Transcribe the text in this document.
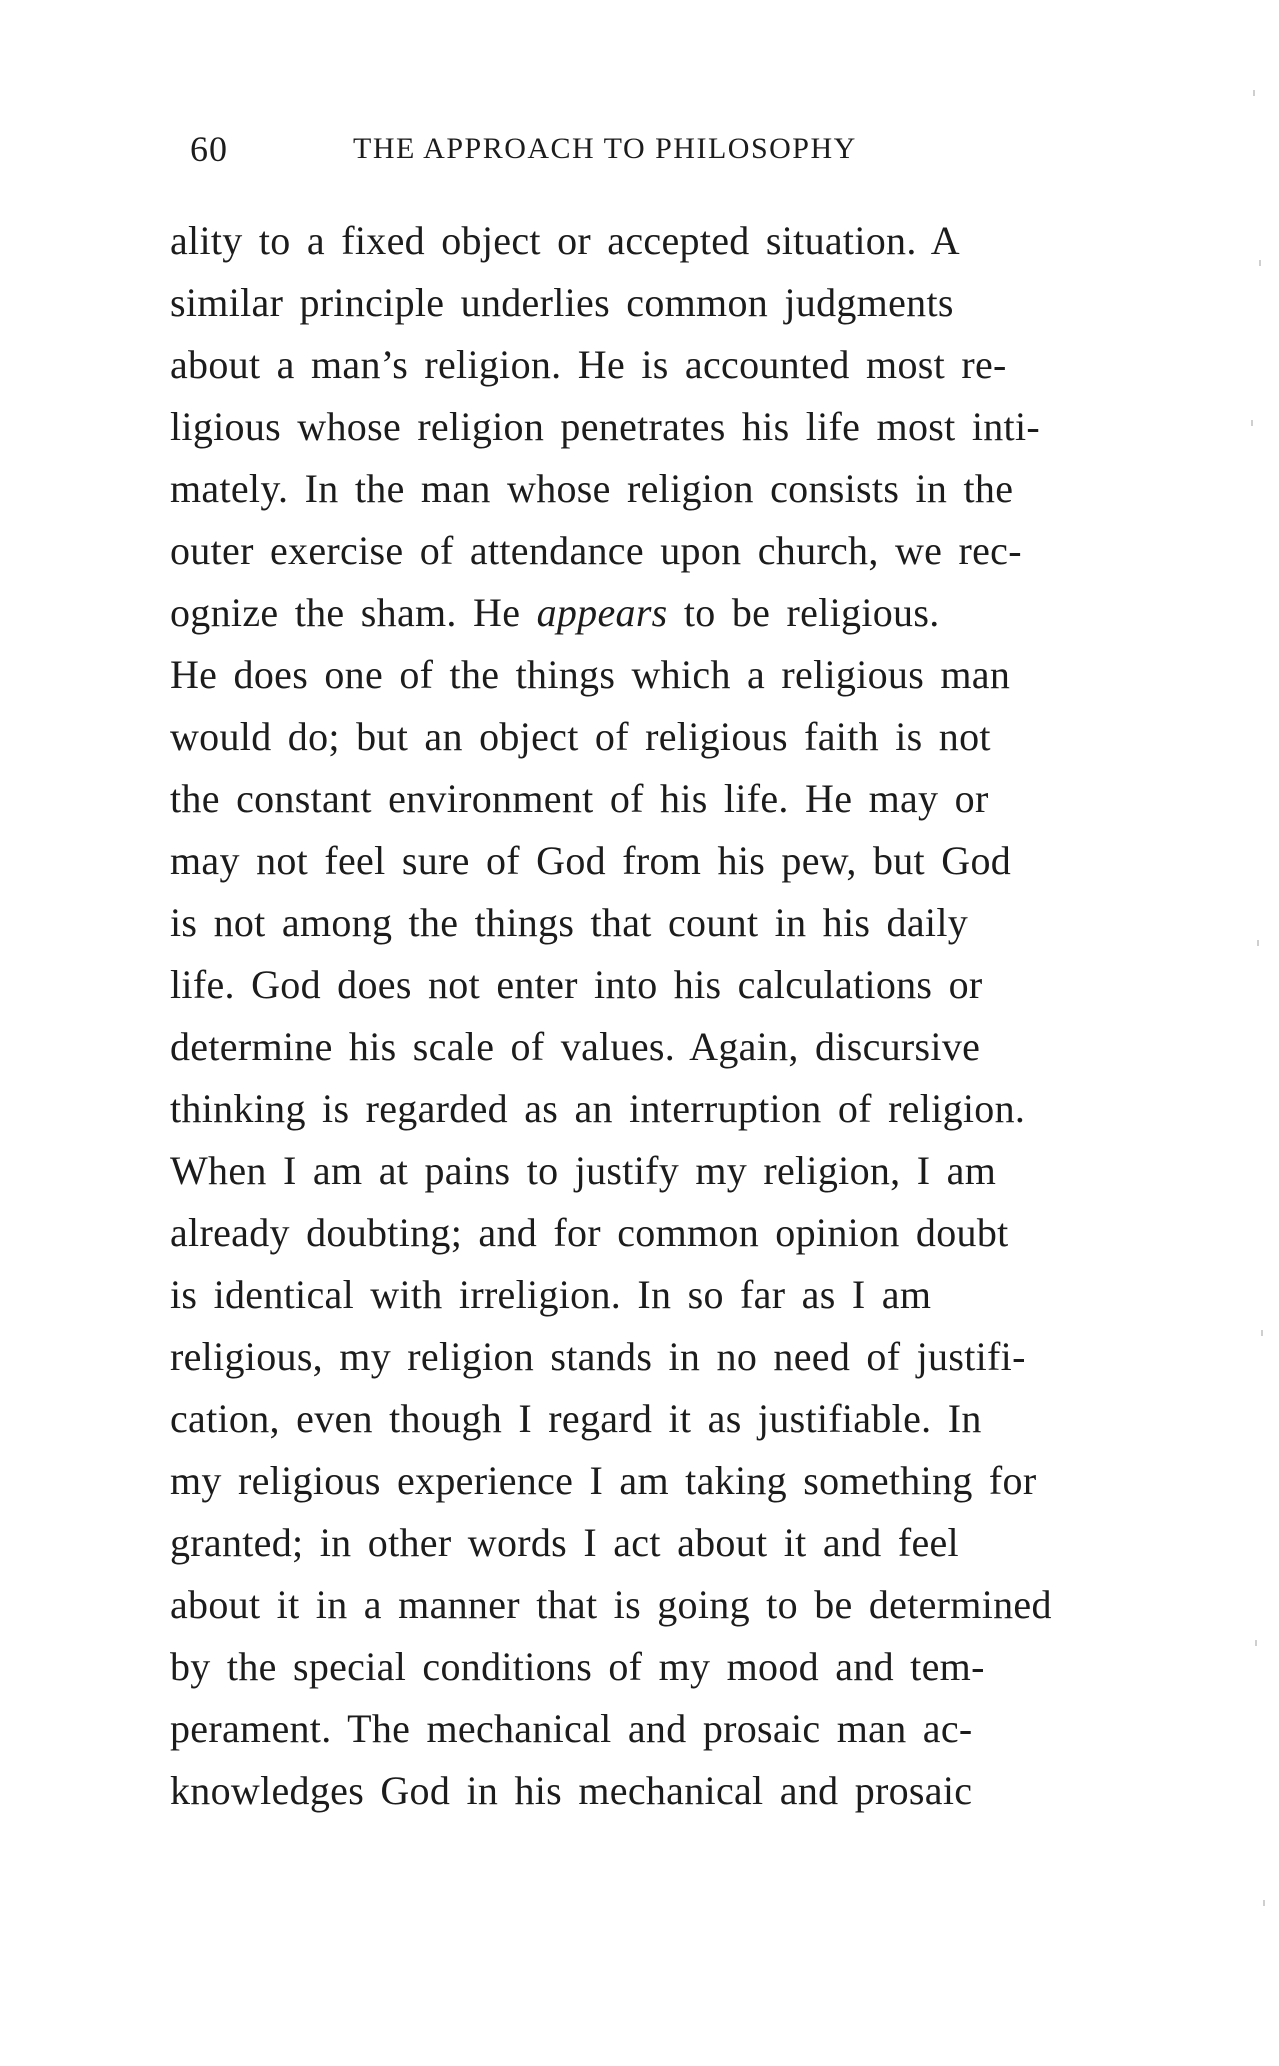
60	THE APPROACH TO PHILOSOPHY
ality to a fixed object or accepted situation. A
similar principle underlies common judgments
about a man’s religion. He is accounted most re-
ligious whose religion penetrates his life most inti-
mately. In the man whose religion consists in the
outer exercise of attendance upon church, we rec-
ognize the sham. He appears to be religious.
He does one of the things which a religious man
would do; but an object of religious faith is not
the constant environment of his life. He may or
may not feel sure of God from his pew, but God
is not among the things that count in his daily
life. God does not enter into his calculations or
determine his scale of values. Again, discursive
thinking is regarded as an interruption of religion.
When I am at pains to justify my religion, I am
already doubting; and for common opinion doubt
is identical with irreligion. In so far as I am
religious, my religion stands in no need of justifi-
cation, even though I regard it as justifiable. In
my religious experience I am taking something for
granted; in other words I act about it and feel
about it in a manner that is going to be determined
by the special conditions of my mood and tem-
perament. The mechanical and prosaic man ac-
knowledges God in his mechanical and prosaic
